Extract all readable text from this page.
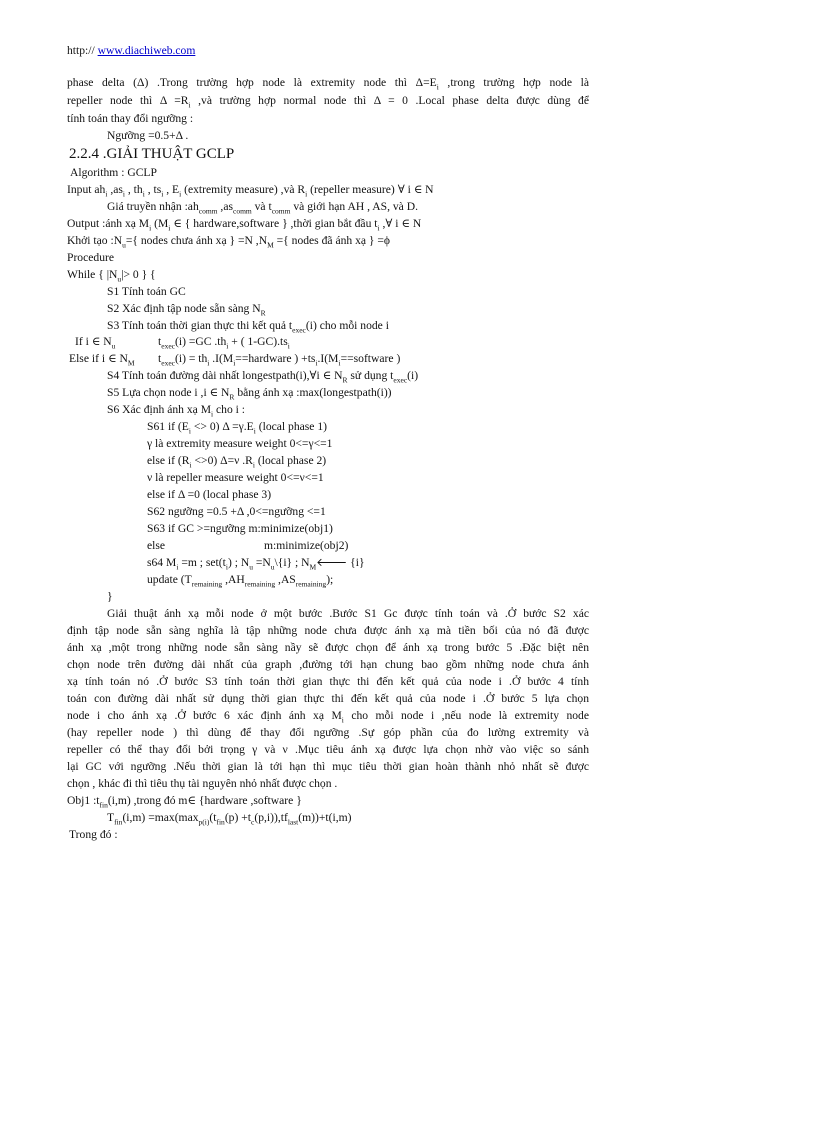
http:// www.diachiweb.com
phase delta (Δ) .Trong trường hợp node là extremity node thì $\Delta=E_i$ ,trong trường hợp node là
repeller node thì $\Delta =R_i$ ,và trường hợp normal node thì Δ = 0 .Local phase delta được dùng để
tính toán thay đổi ngưỡng :
Ngưỡng =0.5+Δ .
2.2.4 .GIẢI THUẬT GCLP
Algorithm : GCLP
Input $ah_i$ $,as_i$ , $th_i$ , $ts_i$ , $E_i$ (extremity measure) ,và $R_i$ (repeller measure) ∀ i ∈ N
Giá truyền nhận $:ah_{comm}$ $,as_{comm}$ và $t_{comm}$ và giới hạn AH , AS, và D.
Output :ánh xạ $M_i$ ($M_i$ ∈ { hardware,software } ,thời gian bắt đầu $t_i$ ,∀ i ∈ N
Khởi tạo $:N_u=${ nodes chưa ánh xạ } =N $,N_M$ ={ nodes đã ánh xạ } =ϕ
Procedure
While { $|N_u|> 0$ } {
S1 Tính toán GC
S2 Xác định tập node sẵn sàng $N_R$
S3 Tính toán thời gian thực thi kết quả $t_{exec}(i)$ cho mỗi node i
If i ∈ $N_u$	$t_{exec}(i) =GC$ $.th_i$ + ( $1-GC).ts_i$
Else if i ∈ $N_M$ $t_{exec}(i) = th_i$ $.I(M_i==hardware$ ) $+ts_i.I(M_i==software$ )
S4 Tính toán đường dài nhất longestpath(i),∀i ∈ $N_R$ sử dụng $t_{exec}(i)$
S5 Lựa chọn node i ,i ∈ $N_R$ bằng ánh xạ :max(longestpath(i))
S6 Xác định ánh xạ $M_i$ cho i :
S61 if $(E_i <> 0)$ $\Delta =\gamma.E_i$ (local phase 1)
γ là extremity measure weight 0<=γ<=1
else if $(R_i <>0)$ Δ=ν $.R_i$ (local phase 2)
ν là repeller measure weight 0<=ν<=1
else if Δ =0 (local phase 3)
S62 ngưỡng =0.5 +Δ ,0<=ngưỡng <=1
S63 if GC >=ngưỡng m:minimize(obj1)
else	m:minimize(obj2)
s64 $M_i =m$ ; $set(t_i)$ ; $N_u$ $=N_u\backslash\{i\}$ ; $N_M🡐$ {i}
update ($T_{remaining}$ $,AH_{remaining}$ $,AS_{remaining}$);
}
Giải thuật ánh xạ mỗi node ở một bước .Bước S1 Gc được tính toán và .Ở bước S2 xác
định tập node sẵn sàng nghĩa là tập những node chưa được ánh xạ mà tiền bối của nó đã được
ánh xạ ,một trong những node sẵn sàng nầy sẽ được chọn để ánh xạ trong bước 5 .Đặc biệt nên
chọn node trên đường dài nhất của graph ,đường tới hạn chung bao gồm những node chưa ánh
xạ tính toán nó .Ở bước S3 tính toán thời gian thực thi đến kết quả của node i .Ở bước 4 tính
toán con đường dài nhất sử dụng thời gian thực thi đến kết quả của node i .Ở bước 5 lựa chọn
node i cho ánh xạ .Ở bước 6 xác định ánh xạ $M_i$ cho mỗi node i ,nếu node là extremity node
(hay repeller node ) thì dùng để thay đổi ngưỡng .Sự góp phần của đo lường extremity và
repeller có thể thay đổi bởi trọng γ và ν .Mục tiêu ánh xạ được lựa chọn nhờ vào việc so sánh
lại GC với ngưỡng .Nếu thời gian là tới hạn thì mục tiêu thời gian hoàn thành nhỏ nhất sẽ được
chọn , khác đi thì tiêu thụ tài nguyên nhỏ nhất được chọn .
Obj1 $:t_{fin}(i,m)$ ,trong đó m∈ {hardware ,software }
$T_{fin}(i,m) =\max(\max_{p(i)}(t_{fin}(p) +t_c(p,i)),tf_{last}(m))+t(i,m)$
Trong đó :
